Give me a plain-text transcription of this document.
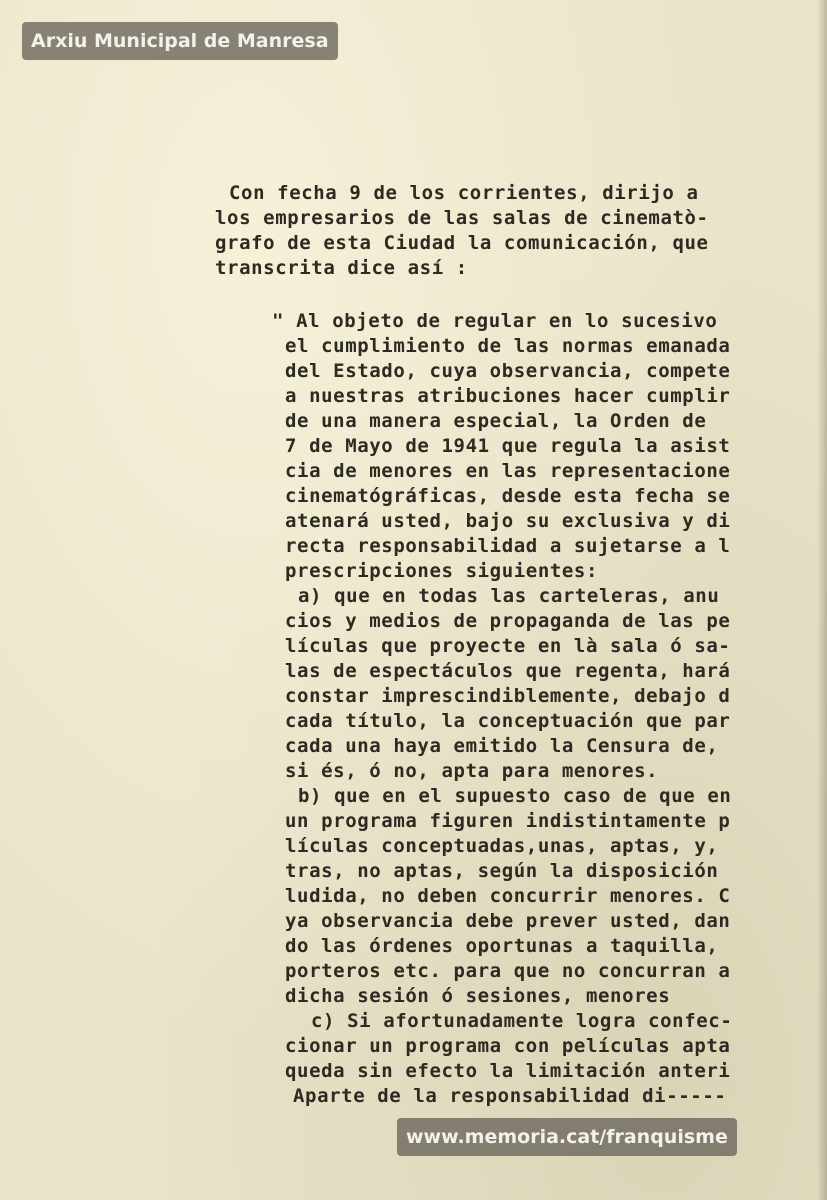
Con fecha 9 de los corrientes, dirijo a
los empresarios de las salas de cinematò-
grafo de esta Ciudad la comunicación, que
transcrita dice así :
" Al objeto de regular en lo sucesivo
el cumplimiento de las normas emanada
del Estado, cuya observancia, compete
a nuestras atribuciones hacer cumplir
de una manera especial, la Orden de
7 de Mayo de 1941 que regula la asist
cia de menores en las representacione
cinematógráficas, desde esta fecha se
atenará usted, bajo su exclusiva y di
recta responsabilidad a sujetarse a l
prescripciones siguientes:
a) que en todas las carteleras, anu
cios y medios de propaganda de las pe
lículas que proyecte en là sala ó sa-
las de espectáculos que regenta, hará
constar imprescindiblemente, debajo d
cada título, la conceptuación que par
cada una haya emitido la Censura de,
si és, ó no, apta para menores.
b) que en el supuesto caso de que en
un programa figuren indistintamente p
lículas conceptuadas,unas, aptas, y,
tras, no aptas, según la disposición
ludida, no deben concurrir menores. C
ya observancia debe prever usted, dan
do las órdenes oportunas a taquilla,
porteros etc. para que no concurran a
dicha sesión ó sesiones, menores
c) Si afortunadamente logra confec-
cionar un programa con películas apta
queda sin efecto la limitación anteri
Aparte de la responsabilidad di-----
Arxiu Municipal de Manresa
www.memoria.cat/franquisme
